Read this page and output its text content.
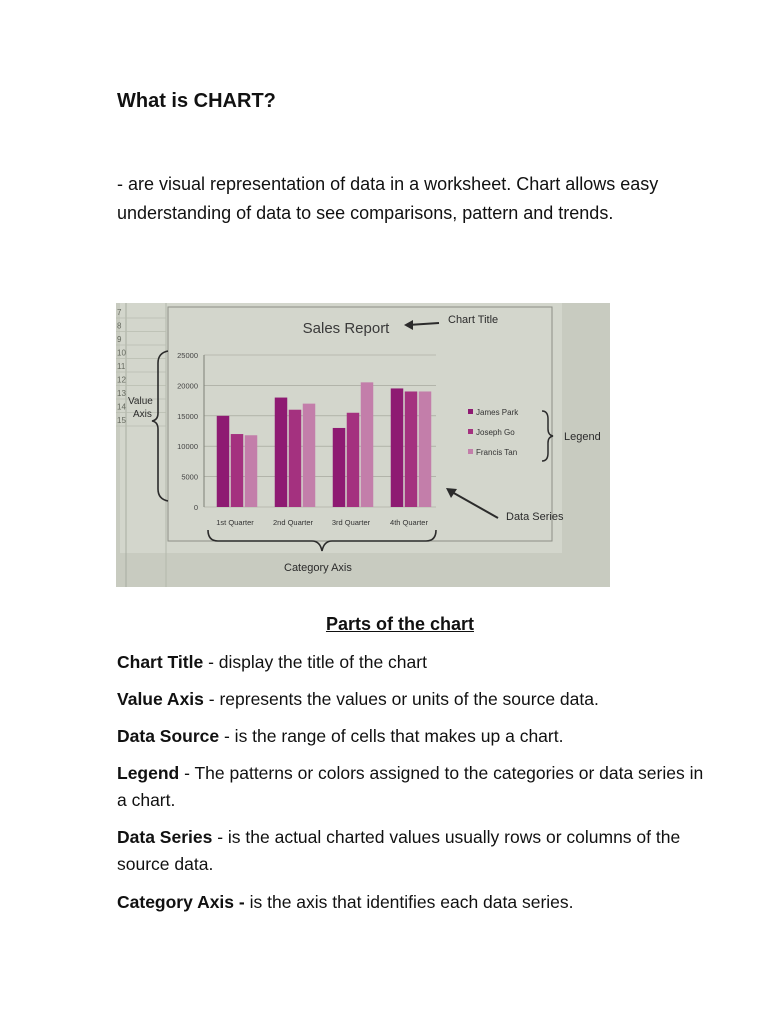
What is CHART?

- are visual representation of data in a worksheet. Chart allows easy understanding of data to see comparisons, pattern and trends.

7
8
9
10
11
12
13
14
15
0
5000
10000
15000
20000
25000
1st Quarter	2nd Quarter	3rd Quarter	4th Quarter
James Park
Joseph Go
Francis Tan
Sales Report	Chart Title
Value
Axis
Legend
Data Series
Category Axis
Parts of the chart

Chart Title - display the title of the chart

Value Axis - represents the values or units of the source data.

Data Source - is the range of cells that makes up a chart.

Legend - The patterns or colors assigned to the categories or data series in a chart.

Data Series - is the actual charted values usually rows or columns of the source data.

Category Axis - is the axis that identifies each data series.
